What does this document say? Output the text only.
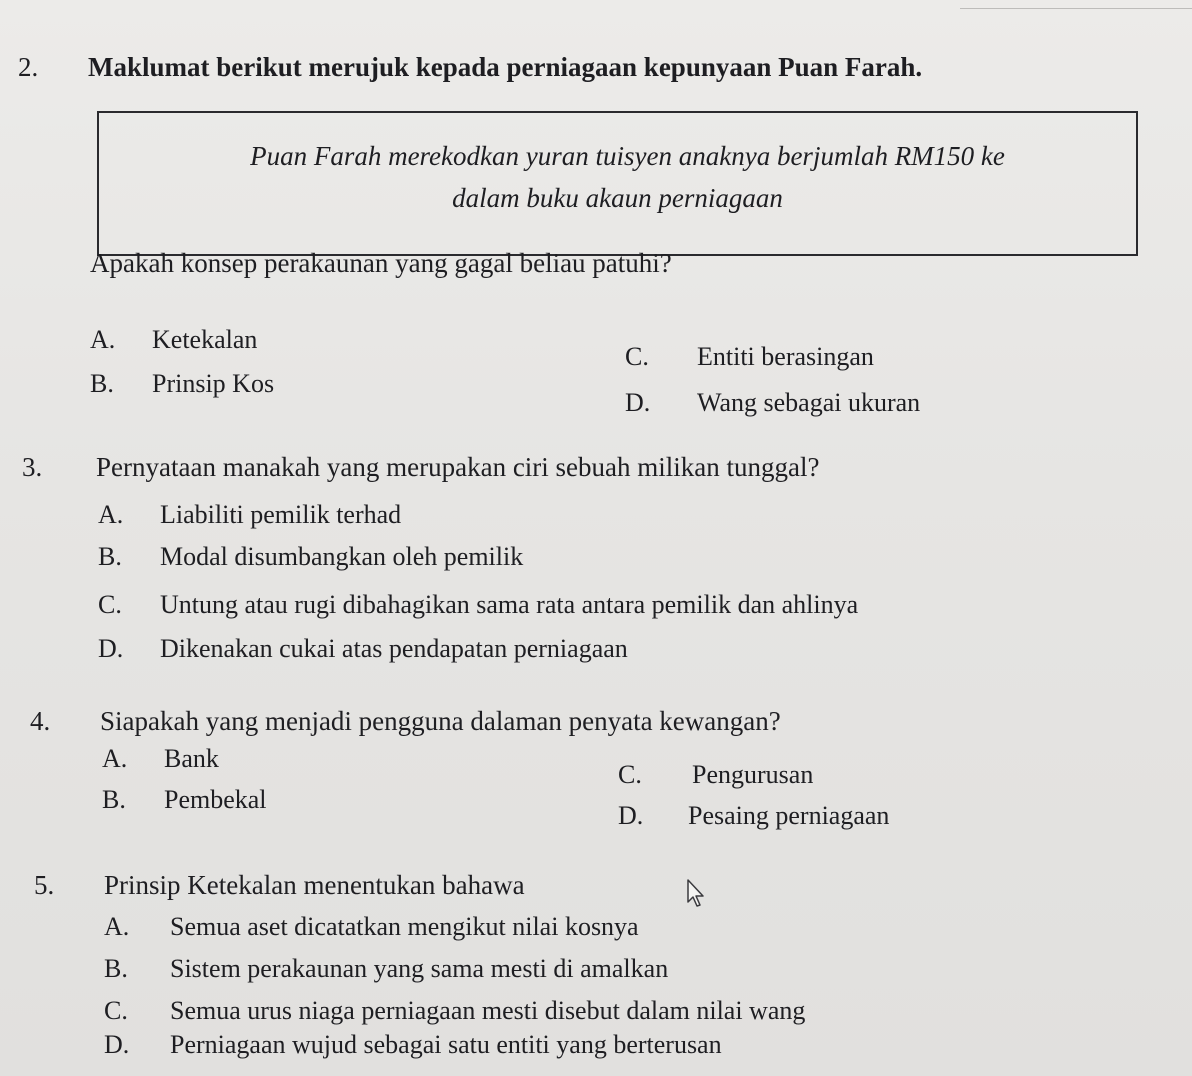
2. Maklumat berikut merujuk kepada perniagaan kepunyaan Puan Farah.
Puan Farah merekodkan yuran tuisyen anaknya berjumlah RM150 ke
dalam buku akaun perniagaan
Apakah konsep perakaunan yang gagal beliau patuhi?
A. Ketekalan
B. Prinsip Kos
C. Entiti berasingan
D. Wang sebagai ukuran
3. Pernyataan manakah yang merupakan ciri sebuah milikan tunggal?
A. Liabiliti pemilik terhad
B. Modal disumbangkan oleh pemilik
C. Untung atau rugi dibahagikan sama rata antara pemilik dan ahlinya
D. Dikenakan cukai atas pendapatan perniagaan
4. Siapakah yang menjadi pengguna dalaman penyata kewangan?
A. Bank
B. Pembekal
C. Pengurusan
D. Pesaing perniagaan
5. Prinsip Ketekalan menentukan bahawa
A. Semua aset dicatatkan mengikut nilai kosnya
B. Sistem perakaunan yang sama mesti di amalkan
C. Semua urus niaga perniagaan mesti disebut dalam nilai wang
D. Perniagaan wujud sebagai satu entiti yang berterusan
